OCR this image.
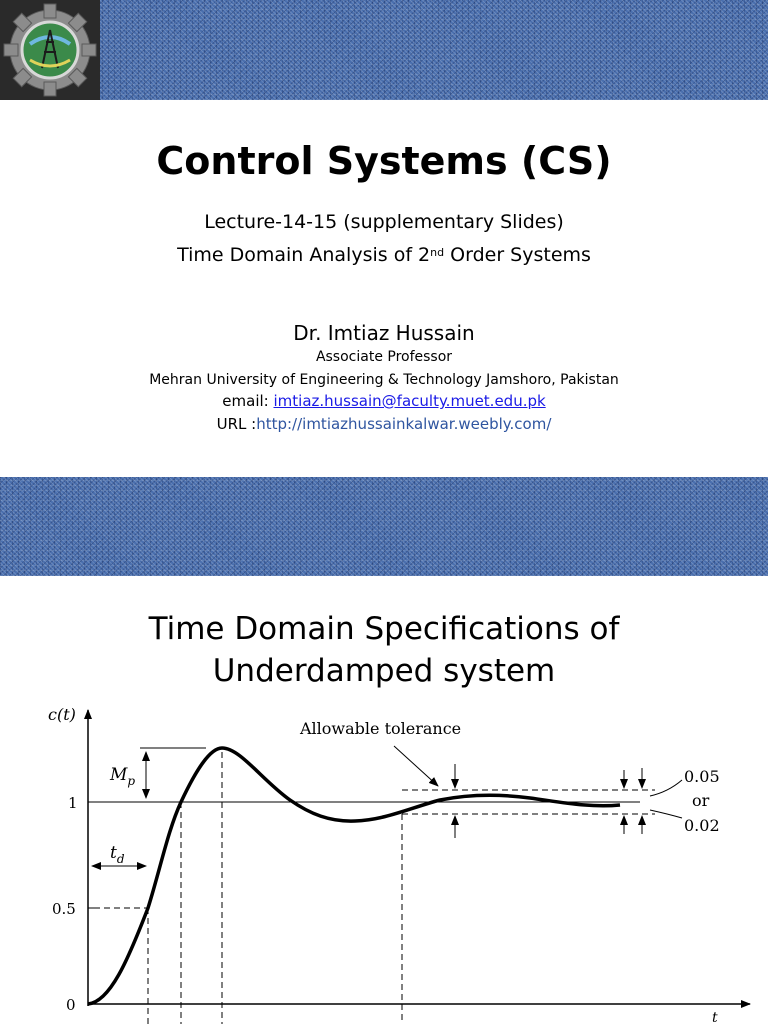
Control Systems (CS)
Lecture-14-15 (supplementary Slides)
Time Domain Analysis of 2nd Order Systems
Dr. Imtiaz Hussain
Associate Professor
Mehran University of Engineering & Technology Jamshoro, Pakistan
email: imtiaz.hussain@faculty.muet.edu.pk
URL :http://imtiazhussainkalwar.weebly.com/
Time Domain Specifications of
Underdamped system
c(t)
t
1
0.5
0
Allowable tolerance
$M_p$
$t_d$
0.05
or
0.02
